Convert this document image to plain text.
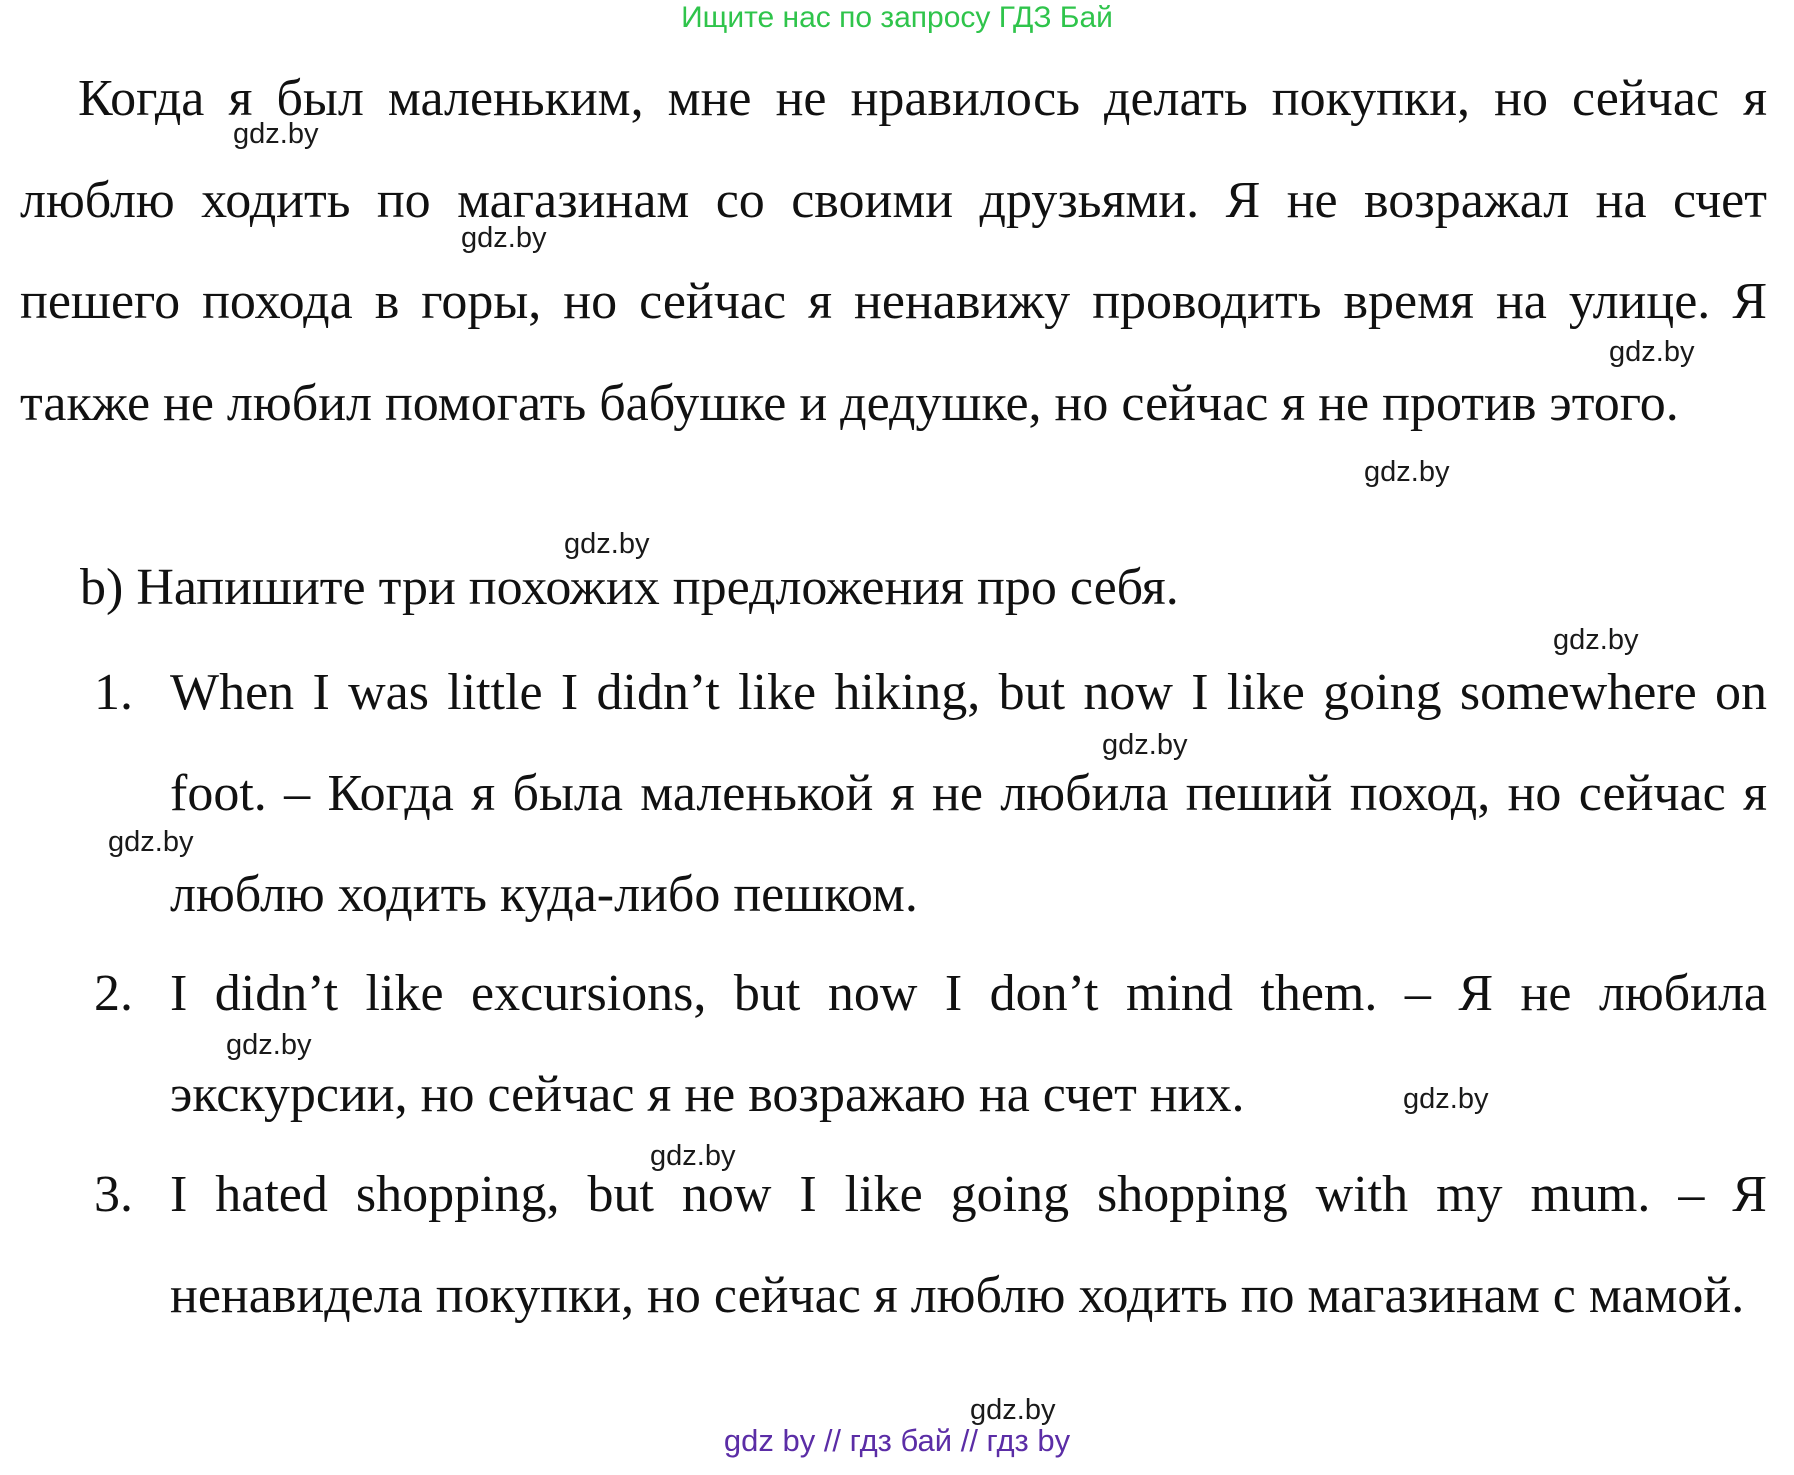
Ищите нас по запросу ГДЗ Бай

Когда я был маленьким, мне не нравилось делать покупки, но сейчас я люблю ходить по магазинам со своими друзьями. Я не возражал на счет пешего похода в горы, но сейчас я ненавижу проводить время на улице. Я также не любил помогать бабушке и дедушке, но сейчас я не против этого.

b) Напишите три похожих предложения про себя.

1. When I was little I didn’t like hiking, but now I like going somewhere on foot. – Когда я была маленькой я не любила пеший поход, но сейчас я люблю ходить куда-либо пешком.

2. I didn’t like excursions, but now I don’t mind them. – Я не любила экскурсии, но сейчас я не возражаю на счет них.

3. I hated shopping, but now I like going shopping with my mum. – Я ненавидела покупки, но сейчас я люблю ходить по магазинам с мамой.

gdz.by
gdz.by
gdz.by
gdz.by
gdz.by
gdz.by
gdz.by
gdz.by
gdz.by
gdz.by
gdz.by
gdz.by
gdz by // гдз бай // гдз by
